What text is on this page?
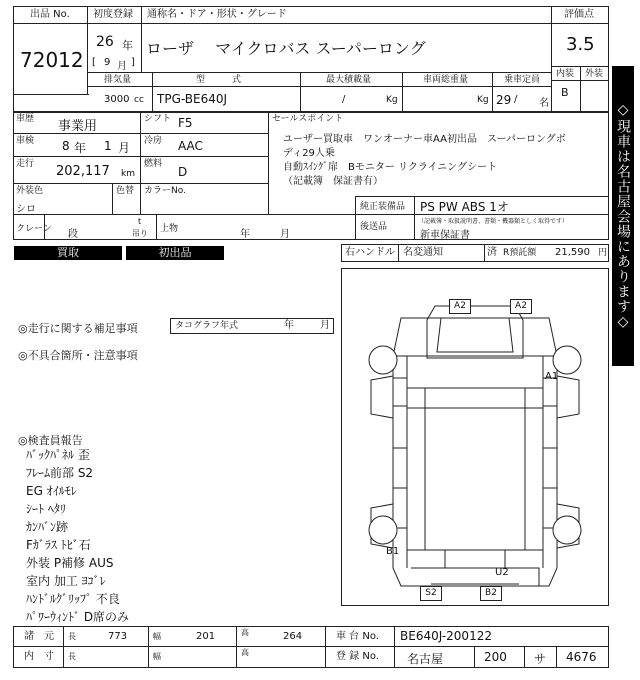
出品 No.
72012
初度登録
26 年
[ 9 月 ]
通称名・ドア・形状・グレード
ローザ　 マイクロバス スーパーロング
評価点
3.5
内装 外装
B
排気量
3000 cc
型　　　式
TPG-BE640J
最大積載量
/	Kg
車両総重量
Kg
乗車定員
29 / 名	◇現車は名古屋会場にあります◇
車歴 事業用	シフト F5
車検 8 年 1 月 冷房 AAC
走行 202,117 km
燃料
D
外装色
シロ
色替 カラーNo.
セールスポイント
ユーザー買取車　ワンオーナー車AA初出品　スーパーロングボ
ディ29人乗
自動ｽｲﾝｸﾞ扉　Bモニター リクライニングシート
（記載簿　保証書有）
クレーン 段
t
吊り 上物	年	月
純正装備品 PS PW ABS 1オ
後送品
（記載簿・取扱説明書、書類・機器類としく取得です）
新車保証書
買取	初出品	右ハンドル 名変通知	済 R預託額 21,590 円
◎走行に関する補足事項	タコグラフ年式	年	月
◎不具合箇所・注意事項
◎検査員報告
ﾊﾞｯｸﾊﾟﾈﾙ 歪
ﾌﾚｰﾑ前部 S2
EG ｵｲﾙﾓﾚ
ｼｰﾄ ﾍﾀﾘ
ｶﾝﾊﾞﾝ跡
Fｶﾞﾗｽ ﾄﾋﾞ石
外装 P補修 AUS
室内 加工 ﾖｺﾞﾚ
ﾊﾝﾄﾞﾙｸﾞﾘｯﾌﾟ 不良
ﾊﾟﾜｰｳｨﾝﾄﾞ D席のみ
A2	A2
A1
B1
U2
S2	B2
諸　元 長	773	幅	201	高	264
内　寸 長	幅	高
車 台 No. BE640J-200122
登 録 No. 名古屋	200 サ 4676
